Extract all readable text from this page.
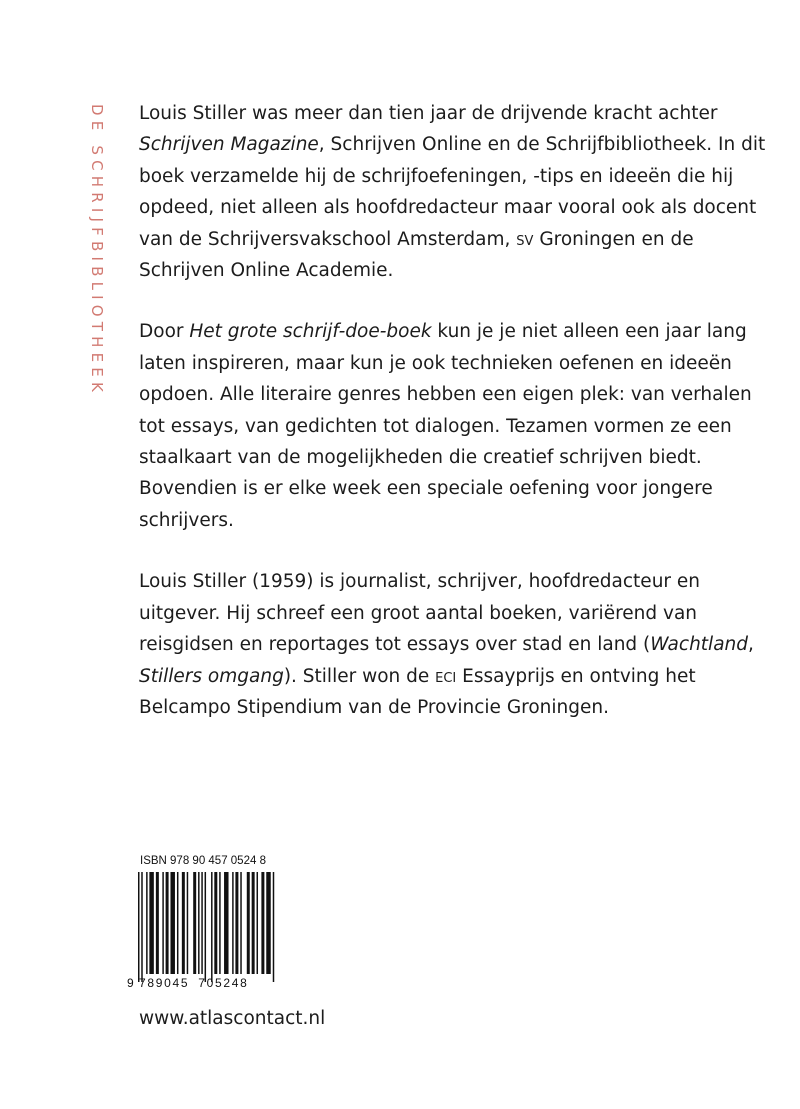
DE SCHRIJFBIBLIOTHEEK Louis Stiller was meer dan tien jaar de drijvende kracht achter Schrijven Magazine, Schrijven Online en de Schrijfbibliotheek. In dit boek verzamelde hij de schrijfoefeningen, -tips en ideeën die hij opdeed, niet alleen als hoofdredacteur maar vooral ook als docent van de Schrijversvakschool Amsterdam, sv Groningen en de Schrijven Online Academie.

Door Het grote schrijf-doe-boek kun je je niet alleen een jaar lang laten inspireren, maar kun je ook technieken oefenen en ideeën opdoen. Alle literaire genres hebben een eigen plek: van verhalen tot essays, van gedichten tot dialogen. Tezamen vormen ze een staalkaart van de mogelijkheden die creatief schrijven biedt. Bovendien is er elke week een speciale oefening voor jongere schrijvers.

Louis Stiller (1959) is journalist, schrijver, hoofdredacteur en uitgever. Hij schreef een groot aantal boeken, variërend van reisgidsen en reportages tot essays over stad en land (Wachtland, Stillers omgang). Stiller won de eci Essayprijs en ontving het Belcampo Stipendium van de Provincie Groningen.

ISBN 978 90 457 0524 8
9 789045 705248
www.atlascontact.nl
